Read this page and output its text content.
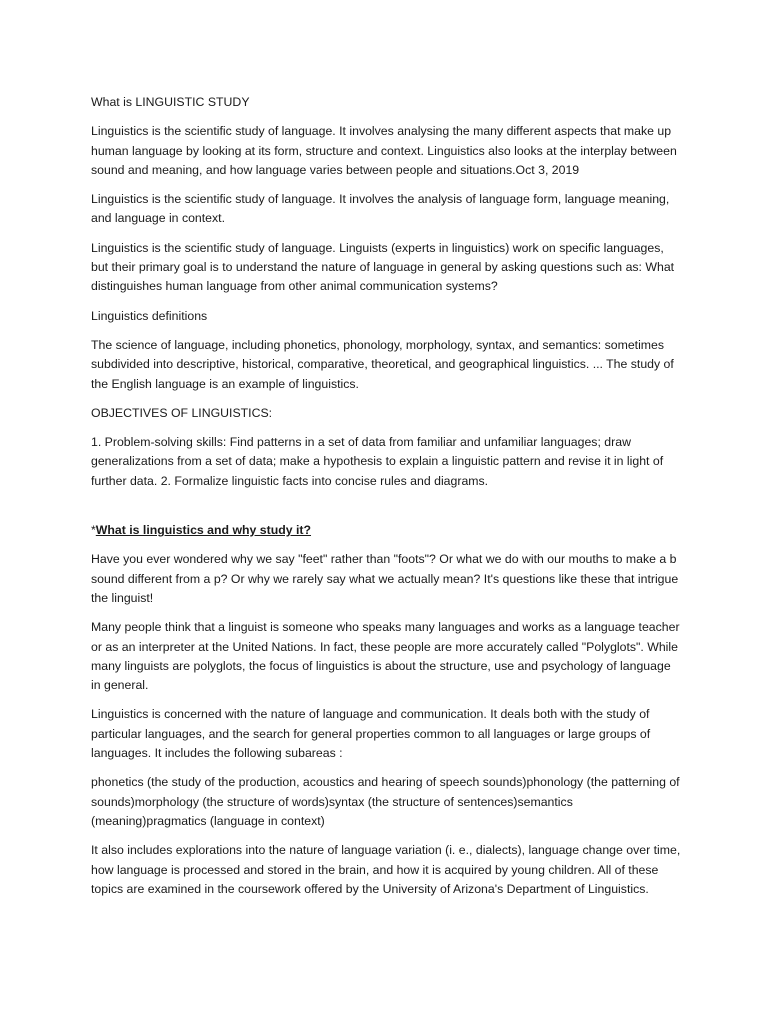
What is LINGUISTIC STUDY

Linguistics is the scientific study of language. It involves analysing the many different aspects that make up human language by looking at its form, structure and context. Linguistics also looks at the interplay between sound and meaning, and how language varies between people and situations.Oct 3, 2019

Linguistics is the scientific study of language. It involves the analysis of language form, language meaning, and language in context.

Linguistics is the scientific study of language. Linguists (experts in linguistics) work on specific languages, but their primary goal is to understand the nature of language in general by asking questions such as: What distinguishes human language from other animal communication systems?

Linguistics definitions

The science of language, including phonetics, phonology, morphology, syntax, and semantics: sometimes subdivided into descriptive, historical, comparative, theoretical, and geographical linguistics. ... The study of the English language is an example of linguistics.

OBJECTIVES OF LINGUISTICS:

1. Problem-solving skills: Find patterns in a set of data from familiar and unfamiliar languages; draw generalizations from a set of data; make a hypothesis to explain a linguistic pattern and revise it in light of further data. 2. Formalize linguistic facts into concise rules and diagrams.

*What is linguistics and why study it?

Have you ever wondered why we say "feet" rather than "foots"? Or what we do with our mouths to make a b sound different from a p? Or why we rarely say what we actually mean? It's questions like these that intrigue the linguist!

Many people think that a linguist is someone who speaks many languages and works as a language teacher or as an interpreter at the United Nations. In fact, these people are more accurately called "Polyglots". While many linguists are polyglots, the focus of linguistics is about the structure, use and psychology of language in general.

Linguistics is concerned with the nature of language and communication. It deals both with the study of particular languages, and the search for general properties common to all languages or large groups of languages. It includes the following subareas :

phonetics (the study of the production, acoustics and hearing of speech sounds)phonology (the patterning of sounds)morphology (the structure of words)syntax (the structure of sentences)semantics (meaning)pragmatics (language in context)

It also includes explorations into the nature of language variation (i. e., dialects), language change over time, how language is processed and stored in the brain, and how it is acquired by young children. All of these topics are examined in the coursework offered by the University of Arizona's Department of Linguistics.
